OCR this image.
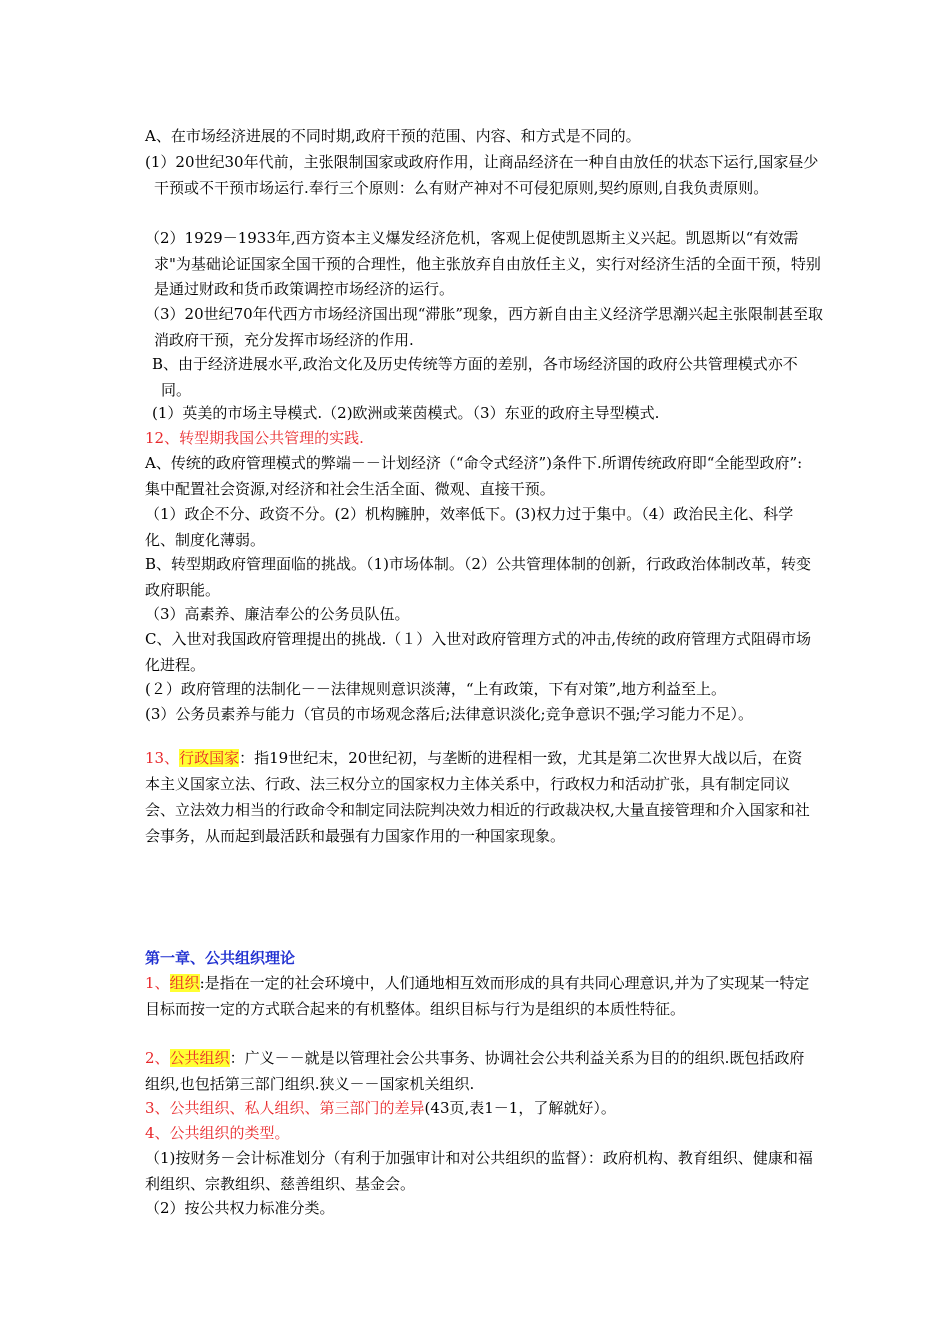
A、在市场经济进展的不同时期,政府干预的范围、内容、和方式是不同的。
(1）20世纪30年代前，主张限制国家或政府作用，让商品经济在一种自由放任的状态下运行,国家昼少干预或不干预市场运行.奉行三个原则：么有财产神对不可侵犯原则,契约原则,自我负责原则。
（2）1929－1933年,西方资本主义爆发经济危机，客观上促使凯恩斯主义兴起。凯恩斯以“有效需求"为基础论证国家全国干预的合理性，他主张放弃自由放任主义，实行对经济生活的全面干预，特别是通过财政和货币政策调控市场经济的运行。
（3）20世纪70年代西方市场经济国出现“滞胀”现象，西方新自由主义经济学思潮兴起主张限制甚至取消政府干预，充分发挥市场经济的作用.
B、由于经济进展水平,政治文化及历史传统等方面的差别，各市场经济国的政府公共管理模式亦不同。
(1）英美的市场主导模式.（2)欧洲或莱茵模式。（3）东亚的政府主导型模式.
12、转型期我国公共管理的实践.
A、传统的政府管理模式的弊端－－计划经济（“命令式经济”)条件下.所谓传统政府即“全能型政府”:集中配置社会资源,对经济和社会生活全面、微观、直接干预。
（1）政企不分、政资不分。(2）机构臃肿，效率低下。(3)权力过于集中。（4）政治民主化、科学化、制度化薄弱。
B、转型期政府管理面临的挑战。（1)市场体制。（2）公共管理体制的创新，行政政治体制改革，转变政府职能。
（3）高素养、廉洁奉公的公务员队伍。
C、入世对我国政府管理提出的挑战.（１）入世对政府管理方式的冲击,传统的政府管理方式阻碍市场化进程。
(２）政府管理的法制化－－法律规则意识淡薄，“上有政策，下有对策”,地方利益至上。
(3）公务员素养与能力（官员的市场观念落后;法律意识淡化;竞争意识不强;学习能力不足）。
13、行政国家：指19世纪末，20世纪初，与垄断的进程相一致，尤其是第二次世界大战以后，在资本主义国家立法、行政、法三权分立的国家权力主体关系中，行政权力和活动扩张，具有制定同议会、立法效力相当的行政命令和制定同法院判决效力相近的行政裁决权,大量直接管理和介入国家和社会事务，从而起到最活跃和最强有力国家作用的一种国家现象。
第一章、公共组织理论
1、组织:是指在一定的社会环境中，人们通地相互效而形成的具有共同心理意识,并为了实现某一特定目标而按一定的方式联合起来的有机整体。组织目标与行为是组织的本质性特征。
2、公共组织：广义－－就是以管理社会公共事务、协调社会公共利益关系为目的的组织.既包括政府组织,也包括第三部门组织.狭义－－国家机关组织.
3、公共组织、私人组织、第三部门的差异(43页,表1－1，了解就好）。
4、公共组织的类型。
（1)按财务－会计标准划分（有利于加强审计和对公共组织的监督）：政府机构、教育组织、健康和福利组织、宗教组织、慈善组织、基金会。
（2）按公共权力标准分类。
